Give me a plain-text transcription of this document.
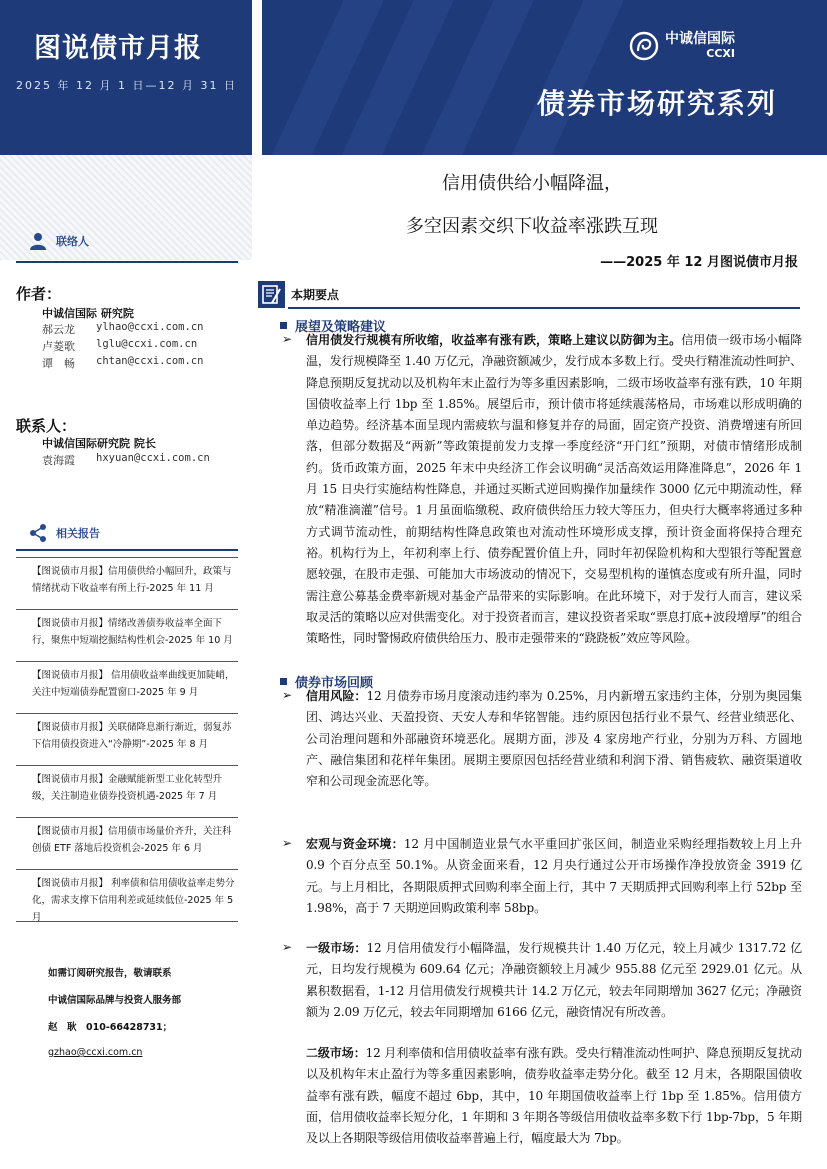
图说债市月报
2025 年 12 月 1 日—12 月 31 日
中诚信国际
CCXI
债券市场研究系列
联络人
作者：
中诚信国际 研究院
郝云龙	ylhao@ccxi.com.cn
卢菱歌	lglu@ccxi.com.cn
谭　畅	chtan@ccxi.com.cn
联系人：
中诚信国际研究院 院长
袁海霞	hxyuan@ccxi.com.cn
相关报告
【图说债市月报】信用债供给小幅回升，政策与情绪扰动下收益率有所上行-2025 年 11 月
【图说债市月报】情绪改善债券收益率全面下行，聚焦中短端挖掘结构性机会-2025 年 10 月
【图说债市月报】 信用债收益率曲线更加陡峭，关注中短端债券配置窗口-2025 年 9 月
【图说债市月报】关联储降息渐行渐近，弱复苏下信用债投资进入“冷静期”-2025 年 8 月
【图说债市月报】金融赋能新型工业化转型升级，关注制造业债券投资机遇-2025 年 7 月
【图说债市月报】信用债市场量价齐升，关注科创债 ETF 落地后投资机会-2025 年 6 月
【图说债市月报】 利率债和信用债收益率走势分化，需求支撑下信用利差或延续低位-2025 年 5 月
如需订阅研究报告，敬请联系
中诚信国际品牌与投资人服务部
赵　耿　010-66428731；
gzhao@ccxi.com.cn
信用债供给小幅降温，
多空因素交织下收益率涨跌互现
——2025 年 12 月图说债市月报
本期要点
展望及策略建议
➢ 信用债发行规模有所收缩，收益率有涨有跌，策略上建议以防御为主。信用债一级市场小幅降温，发行规模降至 1.40 万亿元，净融资额减少，发行成本多数上行。受央行精准流动性呵护、降息预期反复扰动以及机构年末止盈行为等多重因素影响，二级市场收益率有涨有跌，10 年期国债收益率上行 1bp 至 1.85%。展望后市，预计债市将延续震荡格局，市场难以形成明确的单边趋势。经济基本面呈现内需疲软与温和修复并存的局面，固定资产投资、消费增速有所回落，但部分数据及“两新”等政策提前发力支撑一季度经济“开门红”预期，对债市情绪形成制约。货币政策方面，2025 年末中央经济工作会议明确“灵活高效运用降准降息”，2026 年 1 月 15 日央行实施结构性降息，并通过买断式逆回购操作加量续作 3000 亿元中期流动性，释放“精准滴灌”信号。1 月虽面临缴税、政府债供给压力较大等压力，但央行大概率将通过多种方式调节流动性，前期结构性降息政策也对流动性环境形成支撑，预计资金面将保持合理充裕。机构行为上，年初利率上行、债券配置价值上升，同时年初保险机构和大型银行等配置意愿较强，在股市走强、可能加大市场波动的情况下，交易型机构的谨慎态度或有所升温，同时需注意公募基金费率新规对基金产品带来的实际影响。在此环境下，对于发行人而言，建议采取灵活的策略以应对供需变化。对于投资者而言，建议投资者采取“票息打底+波段增厚”的组合策略性，同时警惕政府债供给压力、股市走强带来的“跷跷板”效应等风险。
债券市场回顾
➢ 信用风险：12 月债券市场月度滚动违约率为 0.25%，月内新增五家违约主体，分别为奥园集团、鸿达兴业、天盈投资、天安人寿和华铭智能。违约原因包括行业不景气、经营业绩恶化、公司治理问题和外部融资环境恶化。展期方面，涉及 4 家房地产行业，分别为万科、方圆地产、融信集团和花样年集团。展期主要原因包括经营业绩和利润下滑、销售疲软、融资渠道收窄和公司现金流恶化等。
➢ 宏观与资金环境：12 月中国制造业景气水平重回扩张区间，制造业采购经理指数较上月上升 0.9 个百分点至 50.1%。从资金面来看，12 月央行通过公开市场操作净投放资金 3919 亿元。与上月相比，各期限质押式回购利率全面上行，其中 7 天期质押式回购利率上行 52bp 至 1.98%，高于 7 天期逆回购政策利率 58bp。
➢ 一级市场：12 月信用债发行小幅降温，发行规模共计 1.40 万亿元，较上月减少 1317.72 亿元，日均发行规模为 609.64 亿元；净融资额较上月减少 955.88 亿元至 2929.01 亿元。从累积数据看，1-12 月信用债发行规模共计 14.2 万亿元，较去年同期增加 3627 亿元；净融资额为 2.09 万亿元，较去年同期增加 6166 亿元，融资情况有所改善。
二级市场：12 月利率债和信用债收益率有涨有跌。受央行精准流动性呵护、降息预期反复扰动以及机构年末止盈行为等多重因素影响，债券收益率走势分化。截至 12 月末，各期限国债收益率有涨有跌，幅度不超过 6bp，其中，10 年期国债收益率上行 1bp 至 1.85%。信用债方面，信用债收益率长短分化，1 年期和 3 年期各等级信用债收益率多数下行 1bp-7bp，5 年期及以上各期限等级信用债收益率普遍上行，幅度最大为 7bp。
